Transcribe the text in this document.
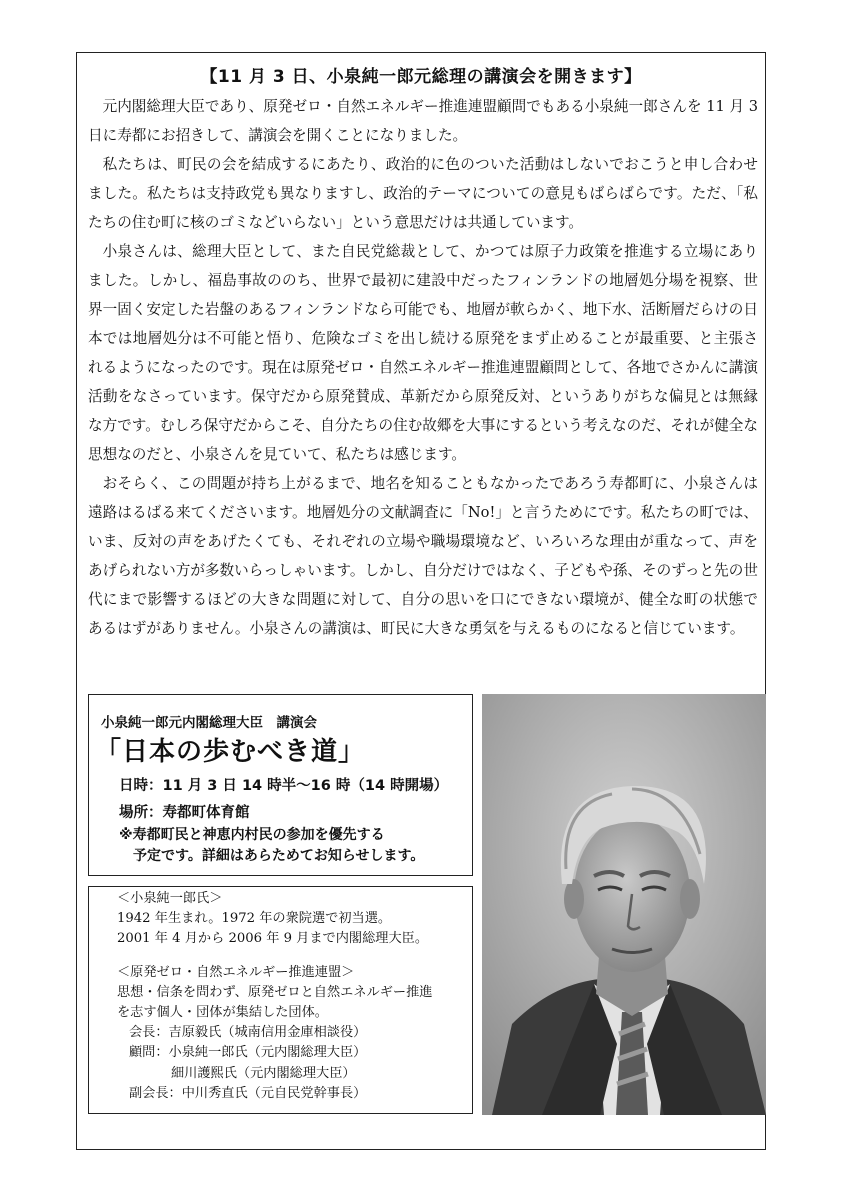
【11 月 3 日、小泉純一郎元総理の講演会を開きます】

元内閣総理大臣であり、原発ゼロ・自然エネルギー推進連盟顧問でもある小泉純一郎さんを 11 月 3 日に寿都にお招きして、講演会を開くことになりました。

私たちは、町民の会を結成するにあたり、政治的に色のついた活動はしないでおこうと申し合わせました。私たちは支持政党も異なりますし、政治的テーマについての意見もばらばらです。ただ、「私たちの住む町に核のゴミなどいらない」という意思だけは共通しています。

小泉さんは、総理大臣として、また自民党総裁として、かつては原子力政策を推進する立場にありました。しかし、福島事故ののち、世界で最初に建設中だったフィンランドの地層処分場を視察、世界一固く安定した岩盤のあるフィンランドなら可能でも、地層が軟らかく、地下水、活断層だらけの日本では地層処分は不可能と悟り、危険なゴミを出し続ける原発をまず止めることが最重要、と主張されるようになったのです。現在は原発ゼロ・自然エネルギー推進連盟顧問として、各地でさかんに講演活動をなさっています。保守だから原発賛成、革新だから原発反対、というありがちな偏見とは無縁な方です。むしろ保守だからこそ、自分たちの住む故郷を大事にするという考えなのだ、それが健全な思想なのだと、小泉さんを見ていて、私たちは感じます。

おそらく、この問題が持ち上がるまで、地名を知ることもなかったであろう寿都町に、小泉さんは遠路はるばる来てくださいます。地層処分の文献調査に「No!」と言うためにです。私たちの町では、いま、反対の声をあげたくても、それぞれの立場や職場環境など、いろいろな理由が重なって、声をあげられない方が多数いらっしゃいます。しかし、自分だけではなく、子どもや孫、そのずっと先の世代にまで影響するほどの大きな問題に対して、自分の思いを口にできない環境が、健全な町の状態であるはずがありません。小泉さんの講演は、町民に大きな勇気を与えるものになると信じています。

小泉純一郎元内閣総理大臣　講演会
「日本の歩むべき道」
日時：11 月 3 日 14 時半～16 時（14 時開場）
場所：寿都町体育館
※寿都町民と神恵内村民の参加を優先する
予定です。詳細はあらためてお知らせします。
＜小泉純一郎氏＞
1942 年生まれ。1972 年の衆院選で初当選。
2001 年 4 月から 2006 年 9 月まで内閣総理大臣。
＜原発ゼロ・自然エネルギー推進連盟＞
思想・信条を問わず、原発ゼロと自然エネルギー推進
を志す個人・団体が集結した団体。
会長：吉原毅氏（城南信用金庫相談役）
顧問：小泉純一郎氏（元内閣総理大臣）
細川護熙氏（元内閣総理大臣）
副会長：中川秀直氏（元自民党幹事長）
